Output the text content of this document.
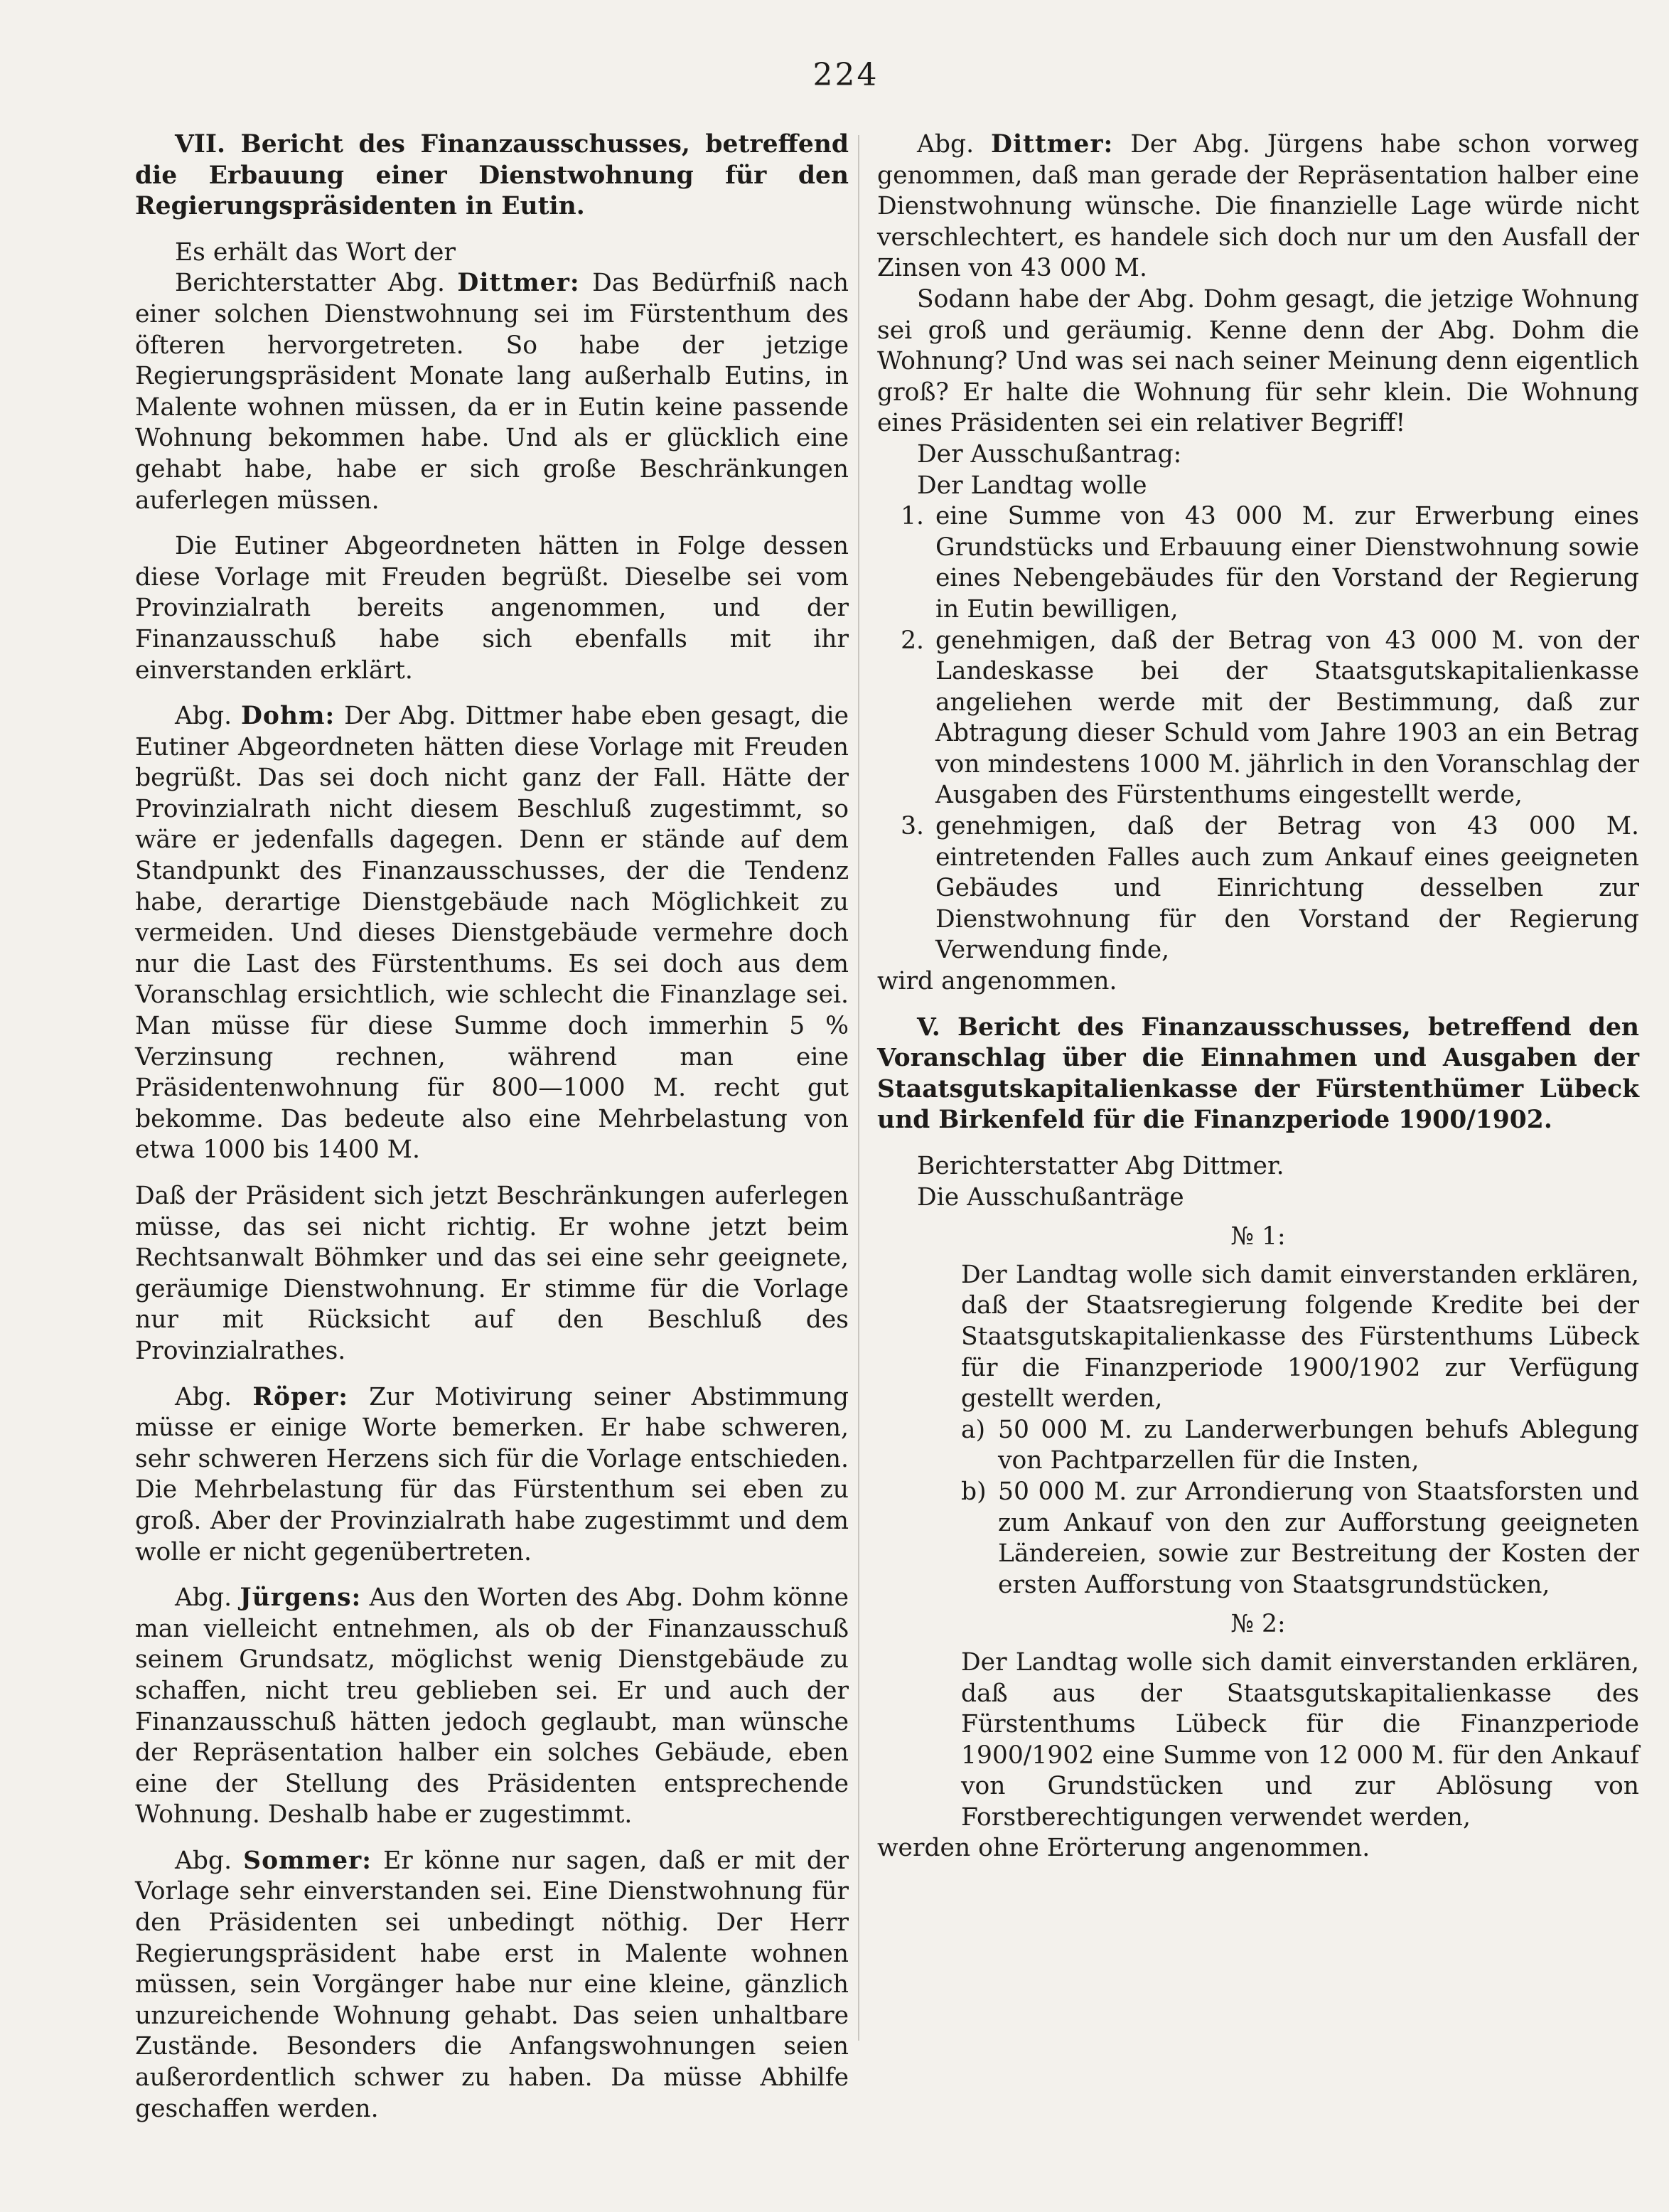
224

VII. Bericht des Finanzausschusses, betreffend die Erbauung einer Dienstwohnung für den Regierungspräsidenten in Eutin.

Es erhält das Wort der

Berichterstatter Abg. Dittmer: Das Bedürfniß nach einer solchen Dienstwohnung sei im Fürstenthum des öfteren hervorgetreten. So habe der jetzige Regierungspräsident Monate lang außerhalb Eutins, in Malente wohnen müssen, da er in Eutin keine passende Wohnung bekommen habe. Und als er glücklich eine gehabt habe, habe er sich große Beschränkungen auferlegen müssen.

Die Eutiner Abgeordneten hätten in Folge dessen diese Vorlage mit Freuden begrüßt. Dieselbe sei vom Provinzialrath bereits angenommen, und der Finanzausschuß habe sich ebenfalls mit ihr einverstanden erklärt.

Abg. Dohm: Der Abg. Dittmer habe eben gesagt, die Eutiner Abgeordneten hätten diese Vorlage mit Freuden begrüßt. Das sei doch nicht ganz der Fall. Hätte der Provinzialrath nicht diesem Beschluß zugestimmt, so wäre er jedenfalls dagegen. Denn er stände auf dem Standpunkt des Finanzausschusses, der die Tendenz habe, derartige Dienstgebäude nach Möglichkeit zu vermeiden. Und dieses Dienstgebäude vermehre doch nur die Last des Fürstenthums. Es sei doch aus dem Voranschlag ersichtlich, wie schlecht die Finanzlage sei. Man müsse für diese Summe doch immerhin 5 % Verzinsung rechnen, während man eine Präsidentenwohnung für 800—1000 M. recht gut bekomme. Das bedeute also eine Mehrbelastung von etwa 1000 bis 1400 M.

Daß der Präsident sich jetzt Beschränkungen auferlegen müsse, das sei nicht richtig. Er wohne jetzt beim Rechtsanwalt Böhmker und das sei eine sehr geeignete, geräumige Dienstwohnung. Er stimme für die Vorlage nur mit Rücksicht auf den Beschluß des Provinzialrathes.

Abg. Röper: Zur Motivirung seiner Abstimmung müsse er einige Worte bemerken. Er habe schweren, sehr schweren Herzens sich für die Vorlage entschieden. Die Mehrbelastung für das Fürstenthum sei eben zu groß. Aber der Provinzialrath habe zugestimmt und dem wolle er nicht gegenübertreten.

Abg. Jürgens: Aus den Worten des Abg. Dohm könne man vielleicht entnehmen, als ob der Finanzausschuß seinem Grundsatz, möglichst wenig Dienstgebäude zu schaffen, nicht treu geblieben sei. Er und auch der Finanzausschuß hätten jedoch geglaubt, man wünsche der Repräsentation halber ein solches Gebäude, eben eine der Stellung des Präsidenten entsprechende Wohnung. Deshalb habe er zugestimmt.

Abg. Sommer: Er könne nur sagen, daß er mit der Vorlage sehr einverstanden sei. Eine Dienstwohnung für den Präsidenten sei unbedingt nöthig. Der Herr Regierungspräsident habe erst in Malente wohnen müssen, sein Vorgänger habe nur eine kleine, gänzlich unzureichende Wohnung gehabt. Das seien unhaltbare Zustände. Besonders die Anfangswohnungen seien außerordentlich schwer zu haben. Da müsse Abhilfe geschaffen werden.

Abg. Dittmer: Der Abg. Jürgens habe schon vorweg genommen, daß man gerade der Repräsentation halber eine Dienstwohnung wünsche. Die finanzielle Lage würde nicht verschlechtert, es handele sich doch nur um den Ausfall der Zinsen von 43 000 M.

Sodann habe der Abg. Dohm gesagt, die jetzige Wohnung sei groß und geräumig. Kenne denn der Abg. Dohm die Wohnung? Und was sei nach seiner Meinung denn eigentlich groß? Er halte die Wohnung für sehr klein. Die Wohnung eines Präsidenten sei ein relativer Begriff!

Der Ausschußantrag:

Der Landtag wolle

1. eine Summe von 43 000 M. zur Erwerbung eines Grundstücks und Erbauung einer Dienstwohnung sowie eines Nebengebäudes für den Vorstand der Regierung in Eutin bewilligen,
2. genehmigen, daß der Betrag von 43 000 M. von der Landeskasse bei der Staatsgutskapitalienkasse angeliehen werde mit der Bestimmung, daß zur Abtragung dieser Schuld vom Jahre 1903 an ein Betrag von mindestens 1000 M. jährlich in den Voranschlag der Ausgaben des Fürstenthums eingestellt werde,
3. genehmigen, daß der Betrag von 43 000 M. eintretenden Falles auch zum Ankauf eines geeigneten Gebäudes und Einrichtung desselben zur Dienstwohnung für den Vorstand der Regierung Verwendung finde,

wird angenommen.

V. Bericht des Finanzausschusses, betreffend den Voranschlag über die Einnahmen und Ausgaben der Staatsgutskapitalienkasse der Fürstenthümer Lübeck und Birkenfeld für die Finanzperiode 1900/1902.

Berichterstatter Abg Dittmer.

Die Ausschußanträge

№ 1:

Der Landtag wolle sich damit einverstanden erklären, daß der Staatsregierung folgende Kredite bei der Staatsgutskapitalienkasse des Fürstenthums Lübeck für die Finanzperiode 1900/1902 zur Verfügung gestellt werden,

a) 50 000 M. zu Landerwerbungen behufs Ablegung von Pachtparzellen für die Insten,
b) 50 000 M. zur Arrondierung von Staatsforsten und zum Ankauf von den zur Aufforstung geeigneten Ländereien, sowie zur Bestreitung der Kosten der ersten Aufforstung von Staatsgrundstücken,

№ 2:

Der Landtag wolle sich damit einverstanden erklären, daß aus der Staatsgutskapitalienkasse des Fürstenthums Lübeck für die Finanzperiode 1900/1902 eine Summe von 12 000 M. für den Ankauf von Grundstücken und zur Ablösung von Forstberechtigungen verwendet werden,

werden ohne Erörterung angenommen.
